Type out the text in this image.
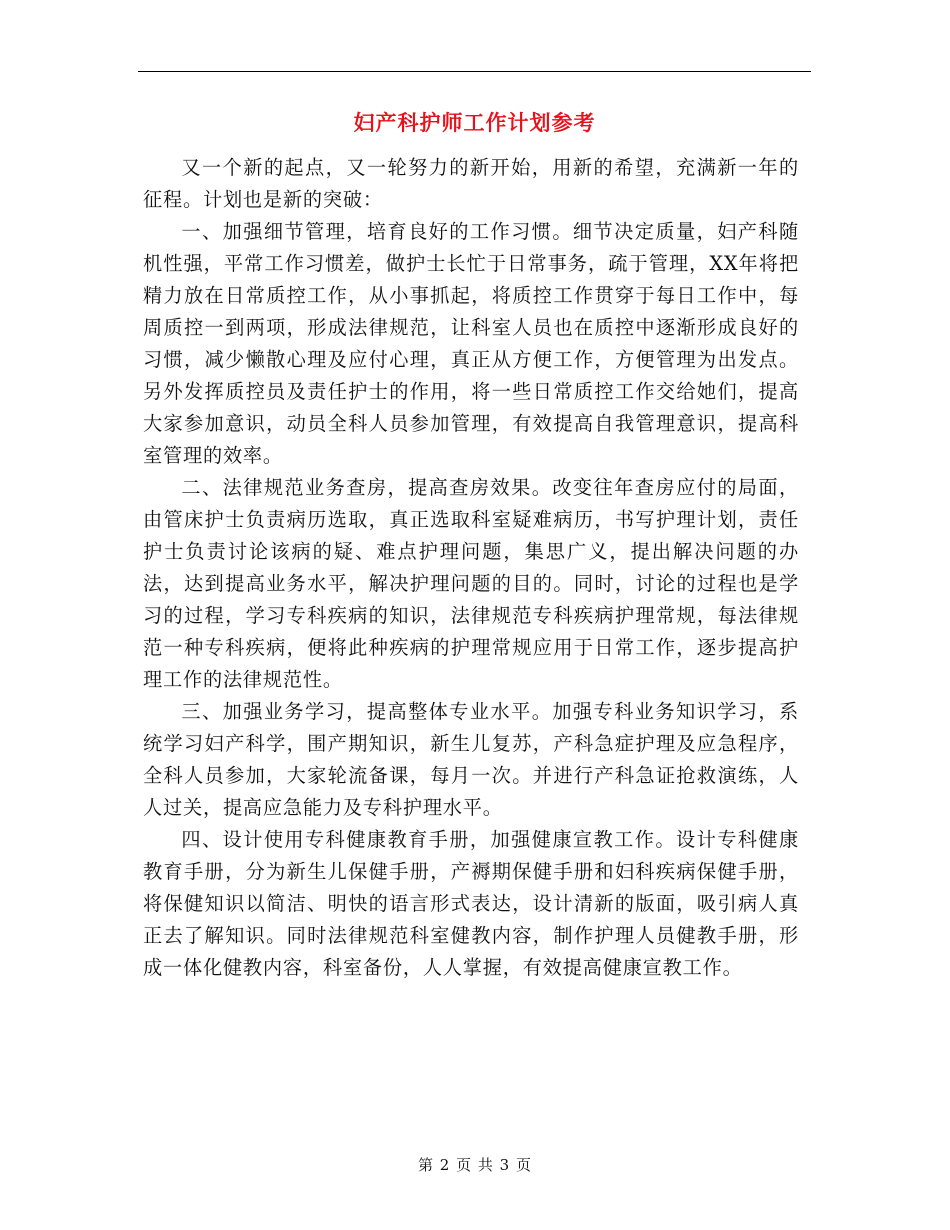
妇产科护师工作计划参考

又一个新的起点，又一轮努力的新开始，用新的希望，充满新一年的征程。计划也是新的突破：

一、加强细节管理，培育良好的工作习惯。细节决定质量，妇产科随机性强，平常工作习惯差，做护士长忙于日常事务，疏于管理，XX年将把精力放在日常质控工作，从小事抓起，将质控工作贯穿于每日工作中，每周质控一到两项，形成法律规范，让科室人员也在质控中逐渐形成良好的习惯，减少懒散心理及应付心理，真正从方便工作，方便管理为出发点。另外发挥质控员及责任护士的作用，将一些日常质控工作交给她们，提高大家参加意识，动员全科人员参加管理，有效提高自我管理意识，提高科室管理的效率。

二、法律规范业务查房，提高查房效果。改变往年查房应付的局面，由管床护士负责病历选取，真正选取科室疑难病历，书写护理计划，责任护士负责讨论该病的疑、难点护理问题，集思广义，提出解决问题的办法，达到提高业务水平，解决护理问题的目的。同时，讨论的过程也是学习的过程，学习专科疾病的知识，法律规范专科疾病护理常规，每法律规范一种专科疾病，便将此种疾病的护理常规应用于日常工作，逐步提高护理工作的法律规范性。

三、加强业务学习，提高整体专业水平。加强专科业务知识学习，系统学习妇产科学，围产期知识，新生儿复苏，产科急症护理及应急程序，全科人员参加，大家轮流备课，每月一次。并进行产科急证抢救演练，人人过关，提高应急能力及专科护理水平。

四、设计使用专科健康教育手册，加强健康宣教工作。设计专科健康教育手册，分为新生儿保健手册，产褥期保健手册和妇科疾病保健手册，将保健知识以简洁、明快的语言形式表达，设计清新的版面，吸引病人真正去了解知识。同时法律规范科室健教内容，制作护理人员健教手册，形成一体化健教内容，科室备份，人人掌握，有效提高健康宣教工作。

第 2 页 共 3 页
